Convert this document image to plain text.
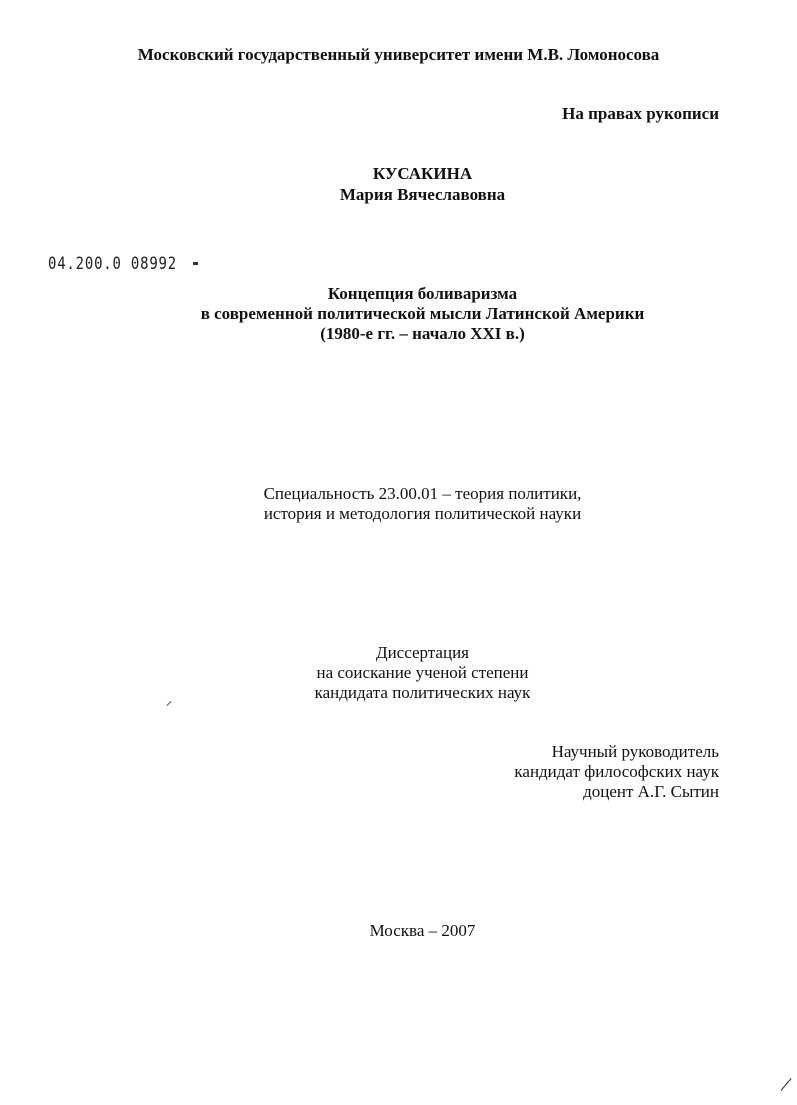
Московский государственный университет имени М.В. Ломоносова

На правах рукописи

КУСАКИНА

Мария Вячеславовна

04.200.0 08992

Концепция боливаризма

в современной политической мысли Латинской Америки

(1980-е гг. – начало XXI в.)

Специальность 23.00.01 – теория политики,

история и методология политической науки

Диссертация

на соискание ученой степени

кандидата политических наук

Научный руководитель

кандидат философских наук

доцент А.Г. Сытин

Москва – 2007
